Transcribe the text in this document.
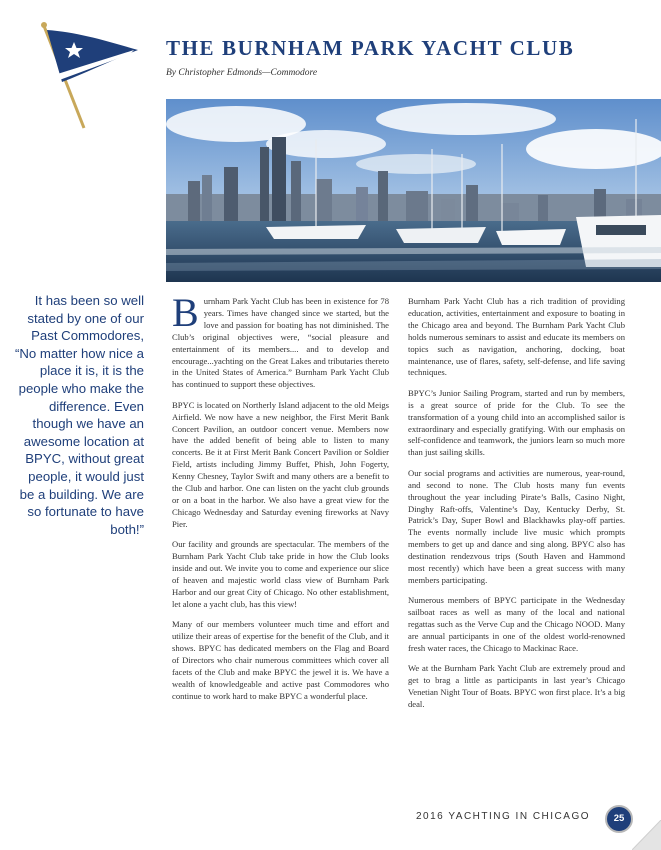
THE BURNHAM PARK YACHT CLUB
By Christopher Edmonds—Commodore
It has been so well stated by one of our Past Commodores, “No matter how nice a place it is, it is the people who make the difference. Even though we have an awesome location at BPYC, without great people, it would just be a building. We are so fortunate to have both!”

Burnham Park Yacht Club has been in existence for 78 years. Times have changed since we started, but the love and passion for boating has not diminished. The Club’s original objectives were, “social pleasure and entertainment of its members.... and to develop and encourage...yachting on the Great Lakes and tributaries thereto in the United States of America.” Burnham Park Yacht Club has continued to support these objectives.

BPYC is located on Northerly Island adjacent to the old Meigs Airfield. We now have a new neighbor, the First Merit Bank Concert Pavilion, an outdoor concert venue. Members now have the added benefit of being able to listen to many concerts. Be it at First Merit Bank Concert Pavilion or Soldier Field, artists including Jimmy Buffet, Phish, John Fogerty, Kenny Chesney, Taylor Swift and many others are a benefit to the Club and harbor. One can listen on the yacht club grounds or on a boat in the harbor. We also have a great view for the Chicago Wednesday and Saturday evening fireworks at Navy Pier.

Our facility and grounds are spectacular. The members of the Burnham Park Yacht Club take pride in how the Club looks inside and out. We invite you to come and experience our slice of heaven and majestic world class view of Burnham Park Harbor and our great City of Chicago. No other establishment, let alone a yacht club, has this view!

Many of our members volunteer much time and effort and utilize their areas of expertise for the benefit of the Club, and it shows. BPYC has dedicated members on the Flag and Board of Directors who chair numerous committees which cover all facets of the Club and make BPYC the jewel it is. We have a wealth of knowledgeable and active past Commodores who continue to work hard to make BPYC a wonderful place.

Burnham Park Yacht Club has a rich tradition of providing education, activities, entertainment and exposure to boating in the Chicago area and beyond. The Burnham Park Yacht Club holds numerous seminars to assist and educate its members on topics such as navigation, anchoring, docking, boat maintenance, use of flares, safety, self-defense, and life saving techniques.

BPYC’s Junior Sailing Program, started and run by members, is a great source of pride for the Club. To see the transformation of a young child into an accomplished sailor is extraordinary and especially gratifying. With our emphasis on self-confidence and teamwork, the juniors learn so much more than just sailing skills.

Our social programs and activities are numerous, year-round, and second to none. The Club hosts many fun events throughout the year including Pirate’s Balls, Casino Night, Dinghy Raft-offs, Valentine’s Day, Kentucky Derby, St. Patrick’s Day, Super Bowl and Blackhawks play-off parties. The events normally include live music which prompts members to get up and dance and sing along. BPYC also has destination rendezvous trips (South Haven and Hammond most recently) which have been a great success with many members participating.

Numerous members of BPYC participate in the Wednesday sailboat races as well as many of the local and national regattas such as the Verve Cup and the Chicago NOOD. Many are annual participants in one of the oldest world-renowned fresh water races, the Chicago to Mackinac Race.

We at the Burnham Park Yacht Club are extremely proud and get to brag a little as participants in last year’s Chicago Venetian Night Tour of Boats. BPYC won first place. It’s a big deal.

2016 YACHTING IN CHICAGO	25
